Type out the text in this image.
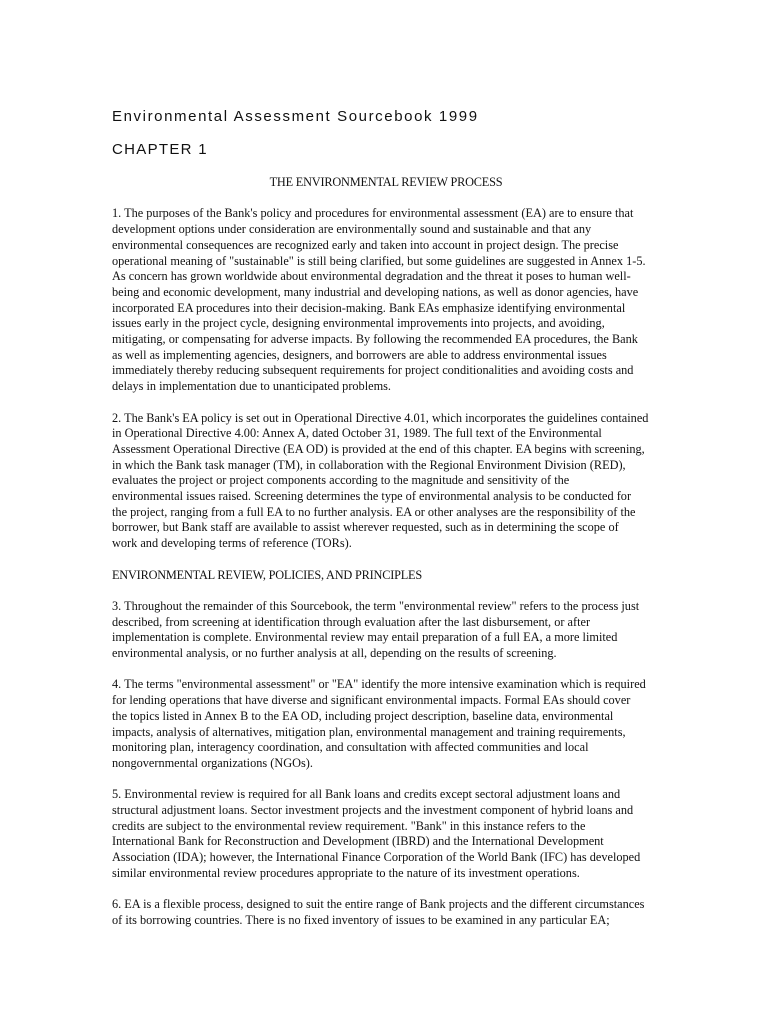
Environmental Assessment Sourcebook 1999
CHAPTER 1
THE ENVIRONMENTAL REVIEW PROCESS

1. The purposes of the Bank's policy and procedures for environmental assessment (EA) are to ensure that
development options under consideration are environmentally sound and sustainable and that any
environmental consequences are recognized early and taken into account in project design. The precise
operational meaning of "sustainable" is still being clarified, but some guidelines are suggested in Annex 1-5.
As concern has grown worldwide about environmental degradation and the threat it poses to human well-
being and economic development, many industrial and developing nations, as well as donor agencies, have
incorporated EA procedures into their decision-making. Bank EAs emphasize identifying environmental
issues early in the project cycle, designing environmental improvements into projects, and avoiding,
mitigating, or compensating for adverse impacts. By following the recommended EA procedures, the Bank
as well as implementing agencies, designers, and borrowers are able to address environmental issues
immediately thereby reducing subsequent requirements for project conditionalities and avoiding costs and
delays in implementation due to unanticipated problems.

2. The Bank's EA policy is set out in Operational Directive 4.01, which incorporates the guidelines contained
in Operational Directive 4.00: Annex A, dated October 31, 1989. The full text of the Environmental
Assessment Operational Directive (EA OD) is provided at the end of this chapter. EA begins with screening,
in which the Bank task manager (TM), in collaboration with the Regional Environment Division (RED),
evaluates the project or project components according to the magnitude and sensitivity of the
environmental issues raised. Screening determines the type of environmental analysis to be conducted for
the project, ranging from a full EA to no further analysis. EA or other analyses are the responsibility of the
borrower, but Bank staff are available to assist wherever requested, such as in determining the scope of
work and developing terms of reference (TORs).

ENVIRONMENTAL REVIEW, POLICIES, AND PRINCIPLES

3. Throughout the remainder of this Sourcebook, the term "environmental review" refers to the process just
described, from screening at identification through evaluation after the last disbursement, or after
implementation is complete. Environmental review may entail preparation of a full EA, a more limited
environmental analysis, or no further analysis at all, depending on the results of screening.

4. The terms "environmental assessment" or "EA" identify the more intensive examination which is required
for lending operations that have diverse and significant environmental impacts. Formal EAs should cover
the topics listed in Annex B to the EA OD, including project description, baseline data, environmental
impacts, analysis of alternatives, mitigation plan, environmental management and training requirements,
monitoring plan, interagency coordination, and consultation with affected communities and local
nongovernmental organizations (NGOs).

5. Environmental review is required for all Bank loans and credits except sectoral adjustment loans and
structural adjustment loans. Sector investment projects and the investment component of hybrid loans and
credits are subject to the environmental review requirement. "Bank" in this instance refers to the
International Bank for Reconstruction and Development (IBRD) and the International Development
Association (IDA); however, the International Finance Corporation of the World Bank (IFC) has developed
similar environmental review procedures appropriate to the nature of its investment operations.

6. EA is a flexible process, designed to suit the entire range of Bank projects and the different circumstances
of its borrowing countries. There is no fixed inventory of issues to be examined in any particular EA;
